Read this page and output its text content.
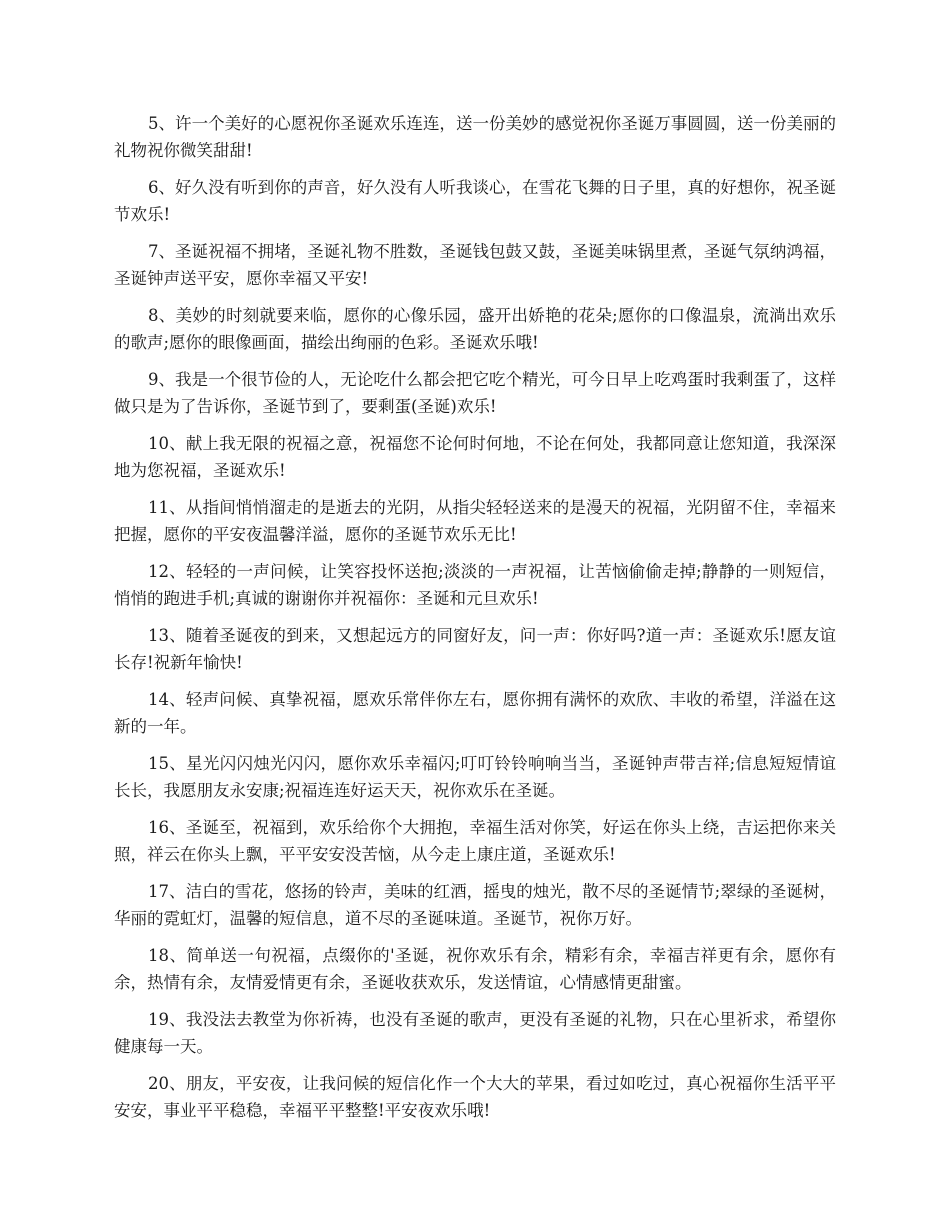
5、许一个美好的心愿祝你圣诞欢乐连连，送一份美妙的感觉祝你圣诞万事圆圆，送一份美丽的礼物祝你微笑甜甜!

6、好久没有听到你的声音，好久没有人听我谈心，在雪花飞舞的日子里，真的好想你，祝圣诞节欢乐!

7、圣诞祝福不拥堵，圣诞礼物不胜数，圣诞钱包鼓又鼓，圣诞美味锅里煮，圣诞气氛纳鸿福，圣诞钟声送平安，愿你幸福又平安!

8、美妙的时刻就要来临，愿你的心像乐园，盛开出娇艳的花朵;愿你的口像温泉，流淌出欢乐的歌声;愿你的眼像画面，描绘出绚丽的色彩。圣诞欢乐哦!

9、我是一个很节俭的人，无论吃什么都会把它吃个精光，可今日早上吃鸡蛋时我剩蛋了，这样做只是为了告诉你，圣诞节到了，要剩蛋(圣诞)欢乐!

10、献上我无限的祝福之意，祝福您不论何时何地，不论在何处，我都同意让您知道，我深深地为您祝福，圣诞欢乐!

11、从指间悄悄溜走的是逝去的光阴，从指尖轻轻送来的是漫天的祝福，光阴留不住，幸福来把握，愿你的平安夜温馨洋溢，愿你的圣诞节欢乐无比!

12、轻轻的一声问候，让笑容投怀送抱;淡淡的一声祝福，让苦恼偷偷走掉;静静的一则短信，悄悄的跑进手机;真诚的谢谢你并祝福你：圣诞和元旦欢乐!

13、随着圣诞夜的到来，又想起远方的同窗好友，问一声：你好吗?道一声：圣诞欢乐!愿友谊长存!祝新年愉快!

14、轻声问候、真挚祝福，愿欢乐常伴你左右，愿你拥有满怀的欢欣、丰收的希望，洋溢在这新的一年。

15、星光闪闪烛光闪闪，愿你欢乐幸福闪;叮叮铃铃响响当当，圣诞钟声带吉祥;信息短短情谊长长，我愿朋友永安康;祝福连连好运天天，祝你欢乐在圣诞。

16、圣诞至，祝福到，欢乐给你个大拥抱，幸福生活对你笑，好运在你头上绕，吉运把你来关照，祥云在你头上飘，平平安安没苦恼，从今走上康庄道，圣诞欢乐!

17、洁白的雪花，悠扬的铃声，美味的红酒，摇曳的烛光，散不尽的圣诞情节;翠绿的圣诞树，华丽的霓虹灯，温馨的短信息，道不尽的圣诞味道。圣诞节，祝你万好。

18、简单送一句祝福，点缀你的'圣诞，祝你欢乐有余，精彩有余，幸福吉祥更有余，愿你有余，热情有余，友情爱情更有余，圣诞收获欢乐，发送情谊，心情感情更甜蜜。

19、我没法去教堂为你祈祷，也没有圣诞的歌声，更没有圣诞的礼物，只在心里祈求，希望你健康每一天。

20、朋友，平安夜，让我问候的短信化作一个大大的苹果，看过如吃过，真心祝福你生活平平安安，事业平平稳稳，幸福平平整整!平安夜欢乐哦!
